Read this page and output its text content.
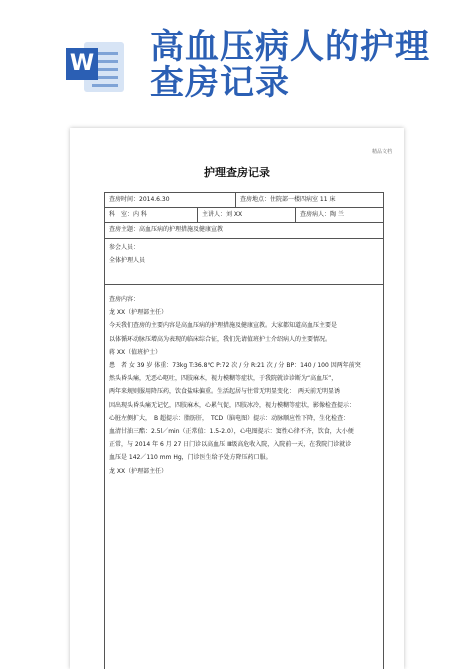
W 高血压病人的护理
查房记录
精品文档
护理查房记录
查房时间：2014.6.30	查房地点：住院部一楼四病室 11 床
科　室：内 科	主讲人：刘 XX	查房病人：陶 兰
查房主题：高血压病的护理措施及健康宣教

参会人员：

全体护理人员

查房内容：

龙 XX（护理部主任）

今天我们查房的主要内容是高血压病的护理措施及健康宣教。大家都知道高血压主要是

以体循环动脉压增高为表现的临床综合征，我们先请值班护士介绍病人的主要情况。

蒋 XX（值班护士）

患　者 女 39 岁 体重：73kg T:36.8℃ P:72 次 / 分 R:21 次 / 分 BP：140 / 100 因两年前突

然头昏头痛，无恶心呕吐，四肢麻木，视力模糊等症状，于我院就诊诊断为“高血压”，

两年来规则服用降压药，饮食盐味偏重。生活起居与往常无明显变化：　两天前无明显诱

因出现头昏头痛无记忆，四肢麻木，心累气促，四肢冰冷，视力模糊等症状，影像检查提示：

心脏左侧扩大，　B 超提示：脂肪肝，　TCD（脑电图）提示：动脉顺应性下降，生化检查：

血清甘油三酯：2.5l／min（正常值：1.5-2.0），心电图提示：窦性心律不齐，饮食，大小便

正常，与 2014 年 6 月 27 日门诊以高血压 Ⅲ级高危收入院，入院前一天，在我院门诊就诊

血压是 142／110 mm Hg，门诊医生给予处方降压药口服。

龙 XX（护理部主任）
